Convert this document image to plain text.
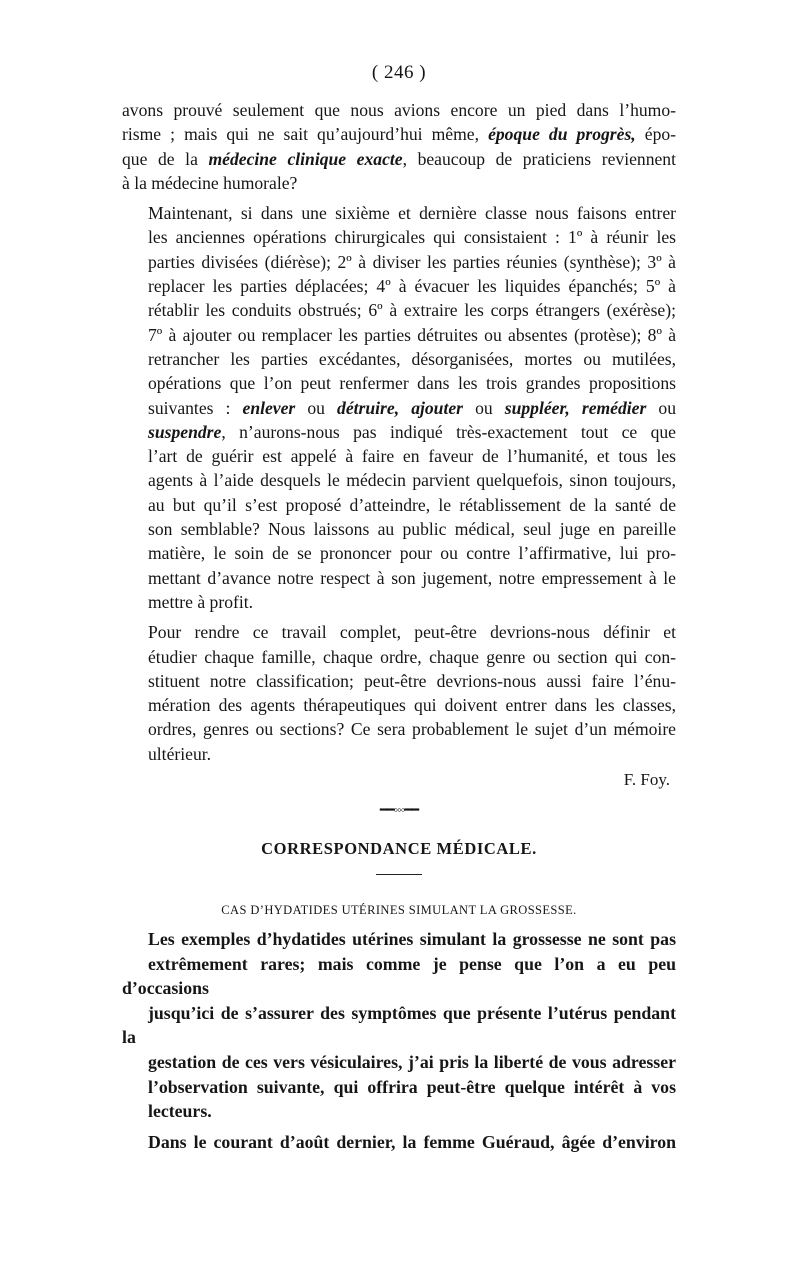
( 246 )

avons prouvé seulement que nous avions encore un pied dans l’humo-
risme ; mais qui ne sait qu’aujourd’hui même, époque du progrès, épo-
que de la médecine clinique exacte, beaucoup de praticiens reviennent
à la médecine humorale?

Maintenant, si dans une sixième et dernière classe nous faisons entrer
les anciennes opérations chirurgicales qui consistaient : 1º à réunir les
parties divisées (diérèse); 2º à diviser les parties réunies (synthèse); 3º à
replacer les parties déplacées; 4º à évacuer les liquides épanchés; 5º à
rétablir les conduits obstrués; 6º à extraire les corps étrangers (exérèse);
7º à ajouter ou remplacer les parties détruites ou absentes (protèse); 8º à
retrancher les parties excédantes, désorganisées, mortes ou mutilées,
opérations que l’on peut renfermer dans les trois grandes propositions
suivantes : enlever ou détruire, ajouter ou suppléer, remédier ou
suspendre, n’aurons-nous pas indiqué très-exactement tout ce que
l’art de guérir est appelé à faire en faveur de l’humanité, et tous les
agents à l’aide desquels le médecin parvient quelquefois, sinon toujours,
au but qu’il s’est proposé d’atteindre, le rétablissement de la santé de
son semblable? Nous laissons au public médical, seul juge en pareille
matière, le soin de se prononcer pour ou contre l’affirmative, lui pro-
mettant d’avance notre respect à son jugement, notre empressement à le
mettre à profit.

Pour rendre ce travail complet, peut-être devrions-nous définir et
étudier chaque famille, chaque ordre, chaque genre ou section qui con-
stituent notre classification; peut-être devrions-nous aussi faire l’énu-
mération des agents thérapeutiques qui doivent entrer dans les classes,
ordres, genres ou sections? Ce sera probablement le sujet d’un mémoire
ultérieur.

F. Foy.
━━◦◦◦━━
CORRESPONDANCE MÉDICALE.
CAS D’HYDATIDES UTÉRINES SIMULANT LA GROSSESSE.

Les exemples d’hydatides utérines simulant la grossesse ne sont pas
extrêmement rares; mais comme je pense que l’on a eu peu d’occasions
jusqu’ici de s’assurer des symptômes que présente l’utérus pendant la
gestation de ces vers vésiculaires, j’ai pris la liberté de vous adresser
l’observation suivante, qui offrira peut-être quelque intérêt à vos
lecteurs.

Dans le courant d’août dernier, la femme Guéraud, âgée d’environ
